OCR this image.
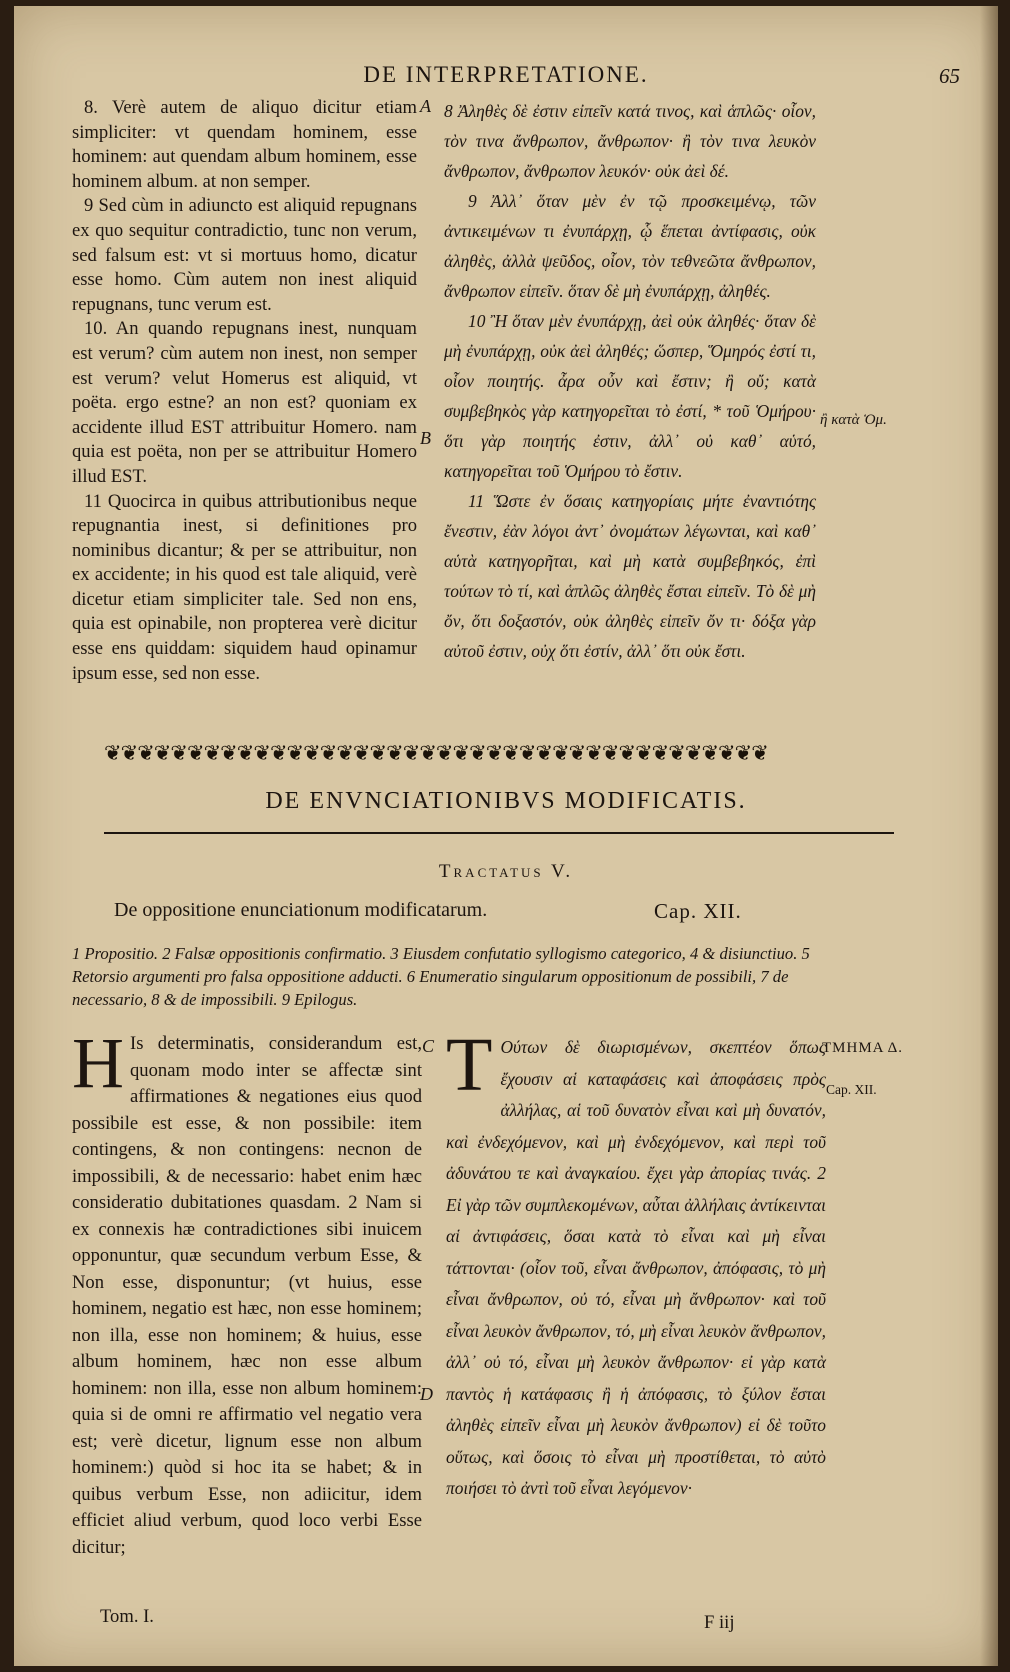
DE INTERPRETATIONE.	65

8. Verè autem de aliquo dicitur etiam simpliciter: vt quendam hominem, esse hominem: aut quendam album hominem, esse hominem album. at non semper.

9 Sed cùm in adiuncto est aliquid repugnans ex quo sequitur contradictio, tunc non verum, sed falsum est: vt si mortuus homo, dicatur esse homo. Cùm autem non inest aliquid repugnans, tunc verum est.

10. An quando repugnans inest, nunquam est verum? cùm autem non inest, non semper est verum? velut Homerus est aliquid, vt poëta. ergo estne? an non est? quoniam ex accidente illud EST attribuitur Homero. nam quia est poëta, non per se attribuitur Homero illud EST.

11 Quocirca in quibus attributionibus neque repugnantia inest, si definitiones pro nominibus dicantur; & per se attribuitur, non ex accidente; in his quod est tale aliquid, verè dicetur etiam simpliciter tale. Sed non ens, quia est opinabile, non propterea verè dicitur esse ens quiddam: siquidem haud opinamur ipsum esse, sed non esse.

A
B
C
D
ἢ κατὰ Ὁμ.

8 Ἀληθὲς δὲ ἐστιν εἰπεῖν κατά τινος, καὶ ἁπλῶς· οἷον, τὸν τινα ἄνθρωπον, ἄνθρωπον· ἢ τὸν τινα λευκὸν ἄνθρωπον, ἄνθρωπον λευκόν· οὐκ ἀεὶ δέ.

9 Ἀλλ᾽ ὅταν μὲν ἐν τῷ προσκειμένῳ, τῶν ἀντικειμένων τι ἐνυπάρχῃ, ᾧ ἕπεται ἀντίφασις, οὐκ ἀληθὲς, ἀλλὰ ψεῦδος, οἷον, τὸν τεθνεῶτα ἄνθρωπον, ἄνθρωπον εἰπεῖν. ὅταν δὲ μὴ ἐνυπάρχῃ, ἀληθές.

10 Ἢ ὅταν μὲν ἐνυπάρχῃ, ἀεὶ οὐκ ἀληθές· ὅταν δὲ μὴ ἐνυπάρχῃ, οὐκ ἀεὶ ἀληθές; ὥσπερ, Ὅμηρός ἐστί τι, οἷον ποιητής. ἆρα οὖν καὶ ἔστιν; ἢ οὔ; κατὰ συμβεβηκὸς γὰρ κατηγορεῖται τὸ ἐστί, * τοῦ Ὁμήρου· ὅτι γὰρ ποιητής ἐστιν, ἀλλ᾽ οὐ καθ᾽ αὑτό, κατηγορεῖται τοῦ Ὁμήρου τὸ ἔστιν.

11 Ὥστε ἐν ὅσαις κατηγορίαις μήτε ἐναντιότης ἔνεστιν, ἐὰν λόγοι ἀντ᾽ ὀνομάτων λέγωνται, καὶ καθ᾽ αὑτὰ κατηγορῆται, καὶ μὴ κατὰ συμβεβηκός, ἐπὶ τούτων τὸ τί, καὶ ἁπλῶς ἀληθὲς ἔσται εἰπεῖν. Τὸ δὲ μὴ ὄν, ὅτι δοξαστόν, οὐκ ἀληθὲς εἰπεῖν ὄν τι· δόξα γὰρ αὐτοῦ ἐστιν, οὐχ ὅτι ἐστίν, ἀλλ᾽ ὅτι οὐκ ἔστι.

❦❦❦❦❦❦❦❦❦❦❦❦❦❦❦❦❦❦❦❦❦❦❦❦❦❦❦❦❦❦❦❦❦❦❦❦❦❦❦❦
DE ENVNCIATIONIBVS MODIFICATIS.
Tractatus V.
De oppositione enunciationum modificatarum.	Cap. XII.
1 Propositio. 2 Falsæ oppositionis confirmatio. 3 Eiusdem confutatio syllogismo categorico, 4 & disiunctiuo. 5 Retorsio argumenti pro falsa oppositione adducti. 6 Enumeratio singularum oppositionum de possibili, 7 de necessario, 8 & de impossibili. 9 Epilogus.

H Is determinatis, considerandum est, quonam modo inter se affectæ sint affirmationes & negationes eius quod possibile est esse, & non possibile: item contingens, & non contingens: necnon de impossibili, & de necessario: habet enim hæc consideratio dubitationes quasdam. 2 Nam si ex connexis hæ contradictiones sibi inuicem opponuntur, quæ secundum verbum Esse, & Non esse, disponuntur; (vt huius, esse hominem, negatio est hæc, non esse hominem; non illa, esse non hominem; & huius, esse album hominem, hæc non esse album hominem: non illa, esse non album hominem: quia si de omni re affirmatio vel negatio vera est; verè dicetur, lignum esse non album hominem:) quòd si hoc ita se habet; & in quibus verbum Esse, non adiicitur, idem efficiet aliud verbum, quod loco verbi Esse dicitur;

T Ούτων δὲ διωρισμένων, σκεπτέον ὅπως ἔχουσιν αἱ καταφάσεις καὶ ἀποφάσεις πρὸς ἀλλήλας, αἱ τοῦ δυνατὸν εἶναι καὶ μὴ δυνατόν, καὶ ἐνδεχόμενον, καὶ μὴ ἐνδεχόμενον, καὶ περὶ τοῦ ἀδυνάτου τε καὶ ἀναγκαίου. ἔχει γὰρ ἀπορίας τινάς. 2 Εἰ γὰρ τῶν συμπλεκομένων, αὗται ἀλλήλαις ἀντίκεινται αἱ ἀντιφάσεις, ὅσαι κατὰ τὸ εἶναι καὶ μὴ εἶναι τάττονται· (οἷον τοῦ, εἶναι ἄνθρωπον, ἀπόφασις, τὸ μὴ εἶναι ἄνθρωπον, οὐ τό, εἶναι μὴ ἄνθρωπον· καὶ τοῦ εἶναι λευκὸν ἄνθρωπον, τό, μὴ εἶναι λευκὸν ἄνθρωπον, ἀλλ᾽ οὐ τό, εἶναι μὴ λευκὸν ἄνθρωπον· εἰ γὰρ κατὰ παντὸς ἡ κατάφασις ἢ ἡ ἀπόφασις, τὸ ξύλον ἔσται ἀληθὲς εἰπεῖν εἶναι μὴ λευκὸν ἄνθρωπον) εἰ δὲ τοῦτο οὕτως, καὶ ὅσοις τὸ εἶναι μὴ προστίθεται, τὸ αὐτὸ ποιήσει τὸ ἀντὶ τοῦ εἶναι λεγόμενον·

ΤΜΗΜΑ Δ.
Cap. XII.
Tom. I.	F iij
